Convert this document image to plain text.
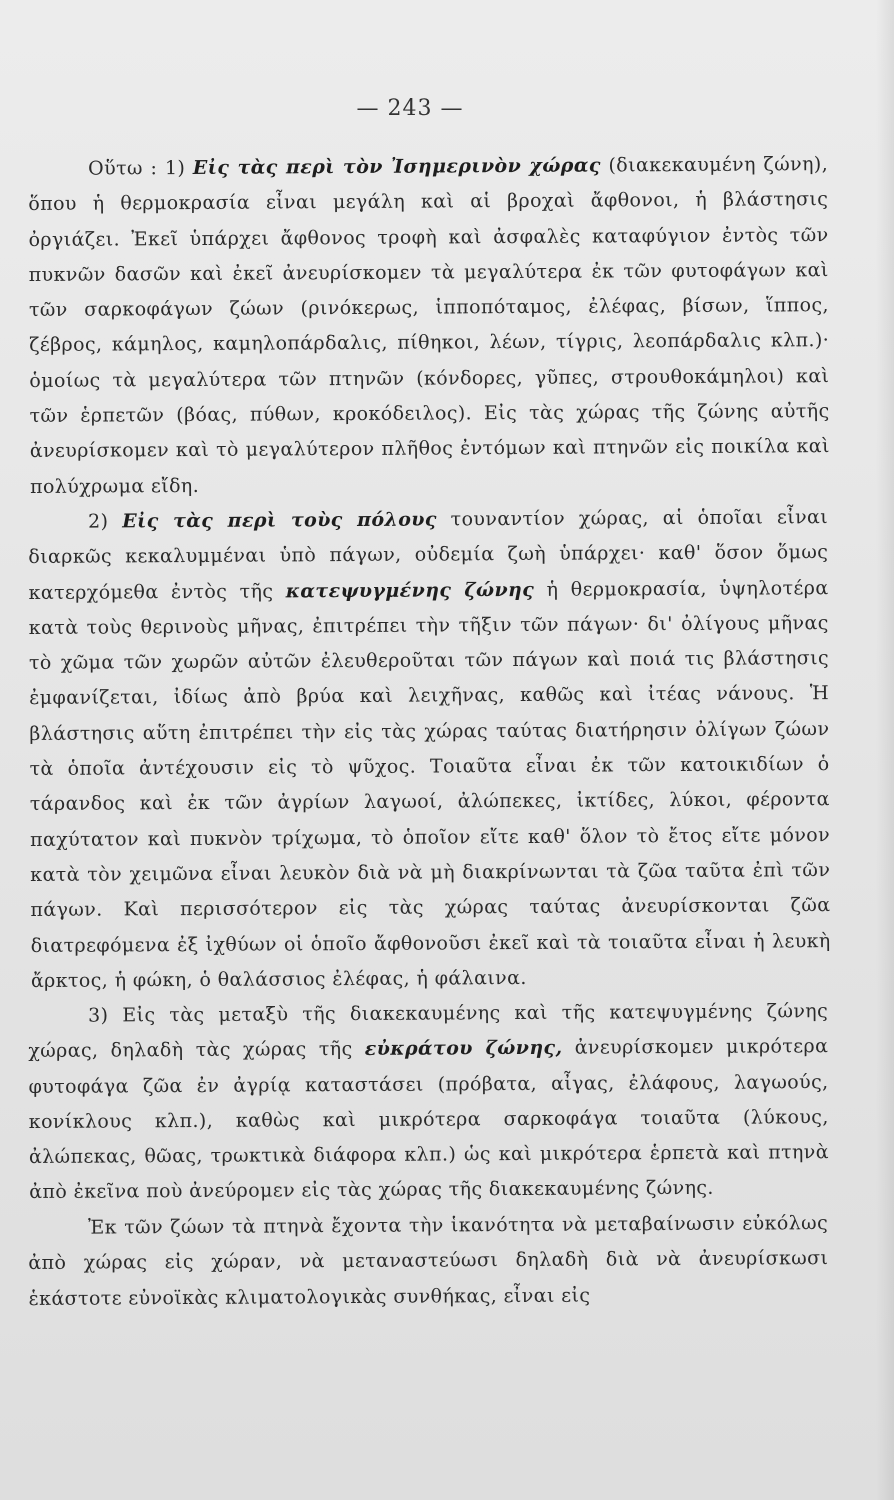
— 243 —

Οὕτω : 1) Εἰς τὰς περὶ τὸν Ἰσημερινὸν χώρας (διακεκαυμένη ζώνη), ὅπου ἡ θερμοκρασία εἶναι μεγάλη καὶ αἱ βροχαὶ ἄφθονοι, ἡ βλάστησις ὀργιάζει. Ἐκεῖ ὑπάρχει ἄφθονος τροφὴ καὶ ἀσφαλὲς καταφύγιον ἐντὸς τῶν πυκνῶν δασῶν καὶ ἐκεῖ ἀνευρίσκομεν τὰ μεγαλύτερα ἐκ τῶν φυτοφάγων καὶ τῶν σαρκοφάγων ζώων (ρινόκερως, ἱπποπόταμος, ἐλέφας, βίσων, ἵππος, ζέβρος, κάμηλος, καμηλοπάρδαλις, πίθηκοι, λέων, τίγρις, λεοπάρδαλις κλπ.)· ὁμοίως τὰ μεγαλύτερα τῶν πτηνῶν (κόνδορες, γῦπες, στρουθοκάμηλοι) καὶ τῶν ἑρπετῶν (βόας, πύθων, κροκόδειλος). Εἰς τὰς χώρας τῆς ζώνης αὐτῆς ἀνευρίσκομεν καὶ τὸ μεγαλύτερον πλῆθος ἐντόμων καὶ πτηνῶν εἰς ποικίλα καὶ πολύχρωμα εἴδη.

2) Εἰς τὰς περὶ τοὺς πόλους τουναντίον χώρας, αἱ ὁποῖαι εἶναι διαρκῶς κεκαλυμμέναι ὑπὸ πάγων, οὐδεμία ζωὴ ὑπάρχει· καθ' ὅσον ὅμως κατερχόμεθα ἐντὸς τῆς κατεψυγμένης ζώνης ἡ θερμοκρασία, ὑψηλοτέρα κατὰ τοὺς θερινοὺς μῆνας, ἐπιτρέπει τὴν τῆξιν τῶν πάγων· δι' ὀλίγους μῆνας τὸ χῶμα τῶν χωρῶν αὐτῶν ἐλευθεροῦται τῶν πάγων καὶ ποιά τις βλάστησις ἐμφανίζεται, ἰδίως ἀπὸ βρύα καὶ λειχῆνας, καθῶς καὶ ἰτέας νάνους. Ἡ βλάστησις αὕτη ἐπιτρέπει τὴν εἰς τὰς χώρας ταύτας διατήρησιν ὀλίγων ζώων τὰ ὁποῖα ἀντέχουσιν εἰς τὸ ψῦχος. Τοιαῦτα εἶναι ἐκ τῶν κατοικιδίων ὁ τάρανδος καὶ ἐκ τῶν ἀγρίων λαγωοί, ἀλώπεκες, ἰκτίδες, λύκοι, φέροντα παχύτατον καὶ πυκνὸν τρίχωμα, τὸ ὁποῖον εἴτε καθ' ὅλον τὸ ἔτος εἴτε μόνον κατὰ τὸν χειμῶνα εἶναι λευκὸν διὰ νὰ μὴ διακρίνωνται τὰ ζῶα ταῦτα ἐπὶ τῶν πάγων. Καὶ περισσότερον εἰς τὰς χώρας ταύτας ἀνευρίσκονται ζῶα διατρεφόμενα ἐξ ἰχθύων οἱ ὁποῖο ἄφθονοῦσι ἐκεῖ καὶ τὰ τοιαῦτα εἶναι ἡ λευκὴ ἄρκτος, ἡ φώκη, ὁ θαλάσσιος ἐλέφας, ἡ φάλαινα.

3) Εἰς τὰς μεταξὺ τῆς διακεκαυμένης καὶ τῆς κατεψυγμένης ζώνης χώρας, δηλαδὴ τὰς χώρας τῆς εὐκράτου ζώνης, ἀνευρίσκομεν μικρότερα φυτοφάγα ζῶα ἐν ἀγρίᾳ καταστάσει (πρόβατα, αἶγας, ἐλάφους, λαγωούς, κονίκλους κλπ.), καθὼς καὶ μικρότερα σαρκοφάγα τοιαῦτα (λύκους, ἀλώπεκας, θῶας, τρωκτικὰ διάφορα κλπ.) ὡς καὶ μικρότερα ἑρπετὰ καὶ πτηνὰ ἀπὸ ἐκεῖνα ποὺ ἀνεύρομεν εἰς τὰς χώρας τῆς διακεκαυμένης ζώνης.

Ἐκ τῶν ζώων τὰ πτηνὰ ἔχοντα τὴν ἱκανότητα νὰ μεταβαίνωσιν εὐκόλως ἀπὸ χώρας εἰς χώραν, νὰ μεταναστεύωσι δηλαδὴ διὰ νὰ ἀνευρίσκωσι ἑκάστοτε εὐνοϊκὰς κλιματολογικὰς συνθήκας, εἶναι εἰς
